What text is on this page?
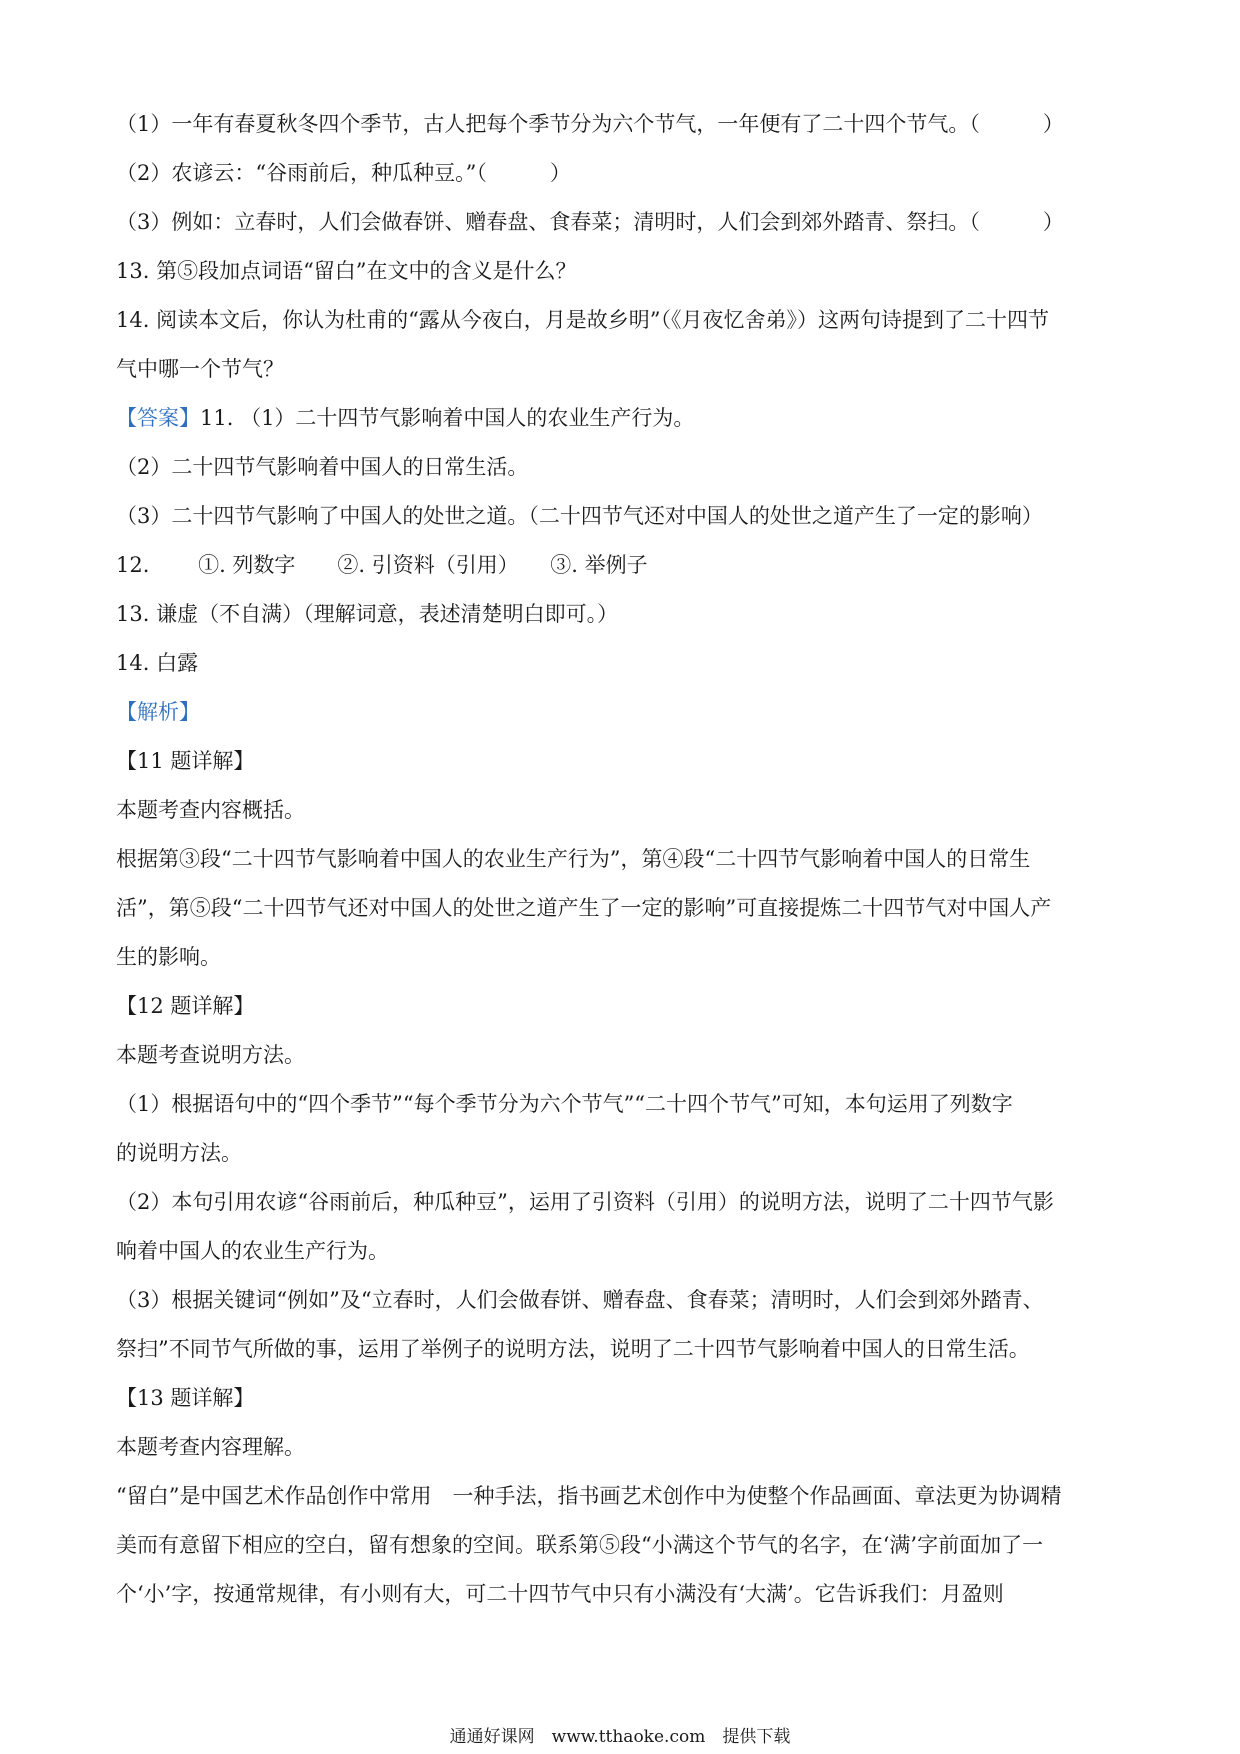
（1）一年有春夏秋冬四个季节，古人把每个季节分为六个节气，一年便有了二十四个节气。（　　　）
（2）农谚云：“谷雨前后，种瓜种豆。”（　　　）
（3）例如：立春时，人们会做春饼、赠春盘、食春菜；清明时，人们会到郊外踏青、祭扫。（　　　）
13. 第⑤段加点词语“留白”在文中的含义是什么？
14. 阅读本文后，你认为杜甫的“露从今夜白，月是故乡明”（《月夜忆舍弟》）这两句诗提到了二十四节
气中哪一个节气？
【答案】11. （1）二十四节气影响着中国人的农业生产行为。
（2）二十四节气影响着中国人的日常生活。
（3）二十四节气影响了中国人的处世之道。（二十四节气还对中国人的处世之道产生了一定的影响）
12.　　 ①. 列数字　　②. 引资料（引用）　　③. 举例子
13. 谦虚（不自满）（理解词意，表述清楚明白即可。）
14. 白露
【解析】
【11 题详解】
本题考查内容概括。
根据第③段“二十四节气影响着中国人的农业生产行为”，第④段“二十四节气影响着中国人的日常生
活”，第⑤段“二十四节气还对中国人的处世之道产生了一定的影响”可直接提炼二十四节气对中国人产
生的影响。
【12 题详解】
本题考查说明方法。
（1）根据语句中的“四个季节”“每个季节分为六个节气”“二十四个节气”可知，本句运用了列数字
的说明方法。
（2）本句引用农谚“谷雨前后，种瓜种豆”，运用了引资料（引用）的说明方法，说明了二十四节气影
响着中国人的农业生产行为。
（3）根据关键词“例如”及“立春时，人们会做春饼、赠春盘、食春菜；清明时，人们会到郊外踏青、
祭扫”不同节气所做的事，运用了举例子的说明方法，说明了二十四节气影响着中国人的日常生活。
【13 题详解】
本题考查内容理解。
“留白”是中国艺术作品创作中常用　一种手法，指书画艺术创作中为使整个作品画面、章法更为协调精
美而有意留下相应的空白，留有想象的空间。联系第⑤段“小满这个节气的名字，在‘满’字前面加了一
个‘小’字，按通常规律，有小则有大，可二十四节气中只有小满没有‘大满’。它告诉我们：月盈则
通通好课网　www.tthaoke.com　提供下载
